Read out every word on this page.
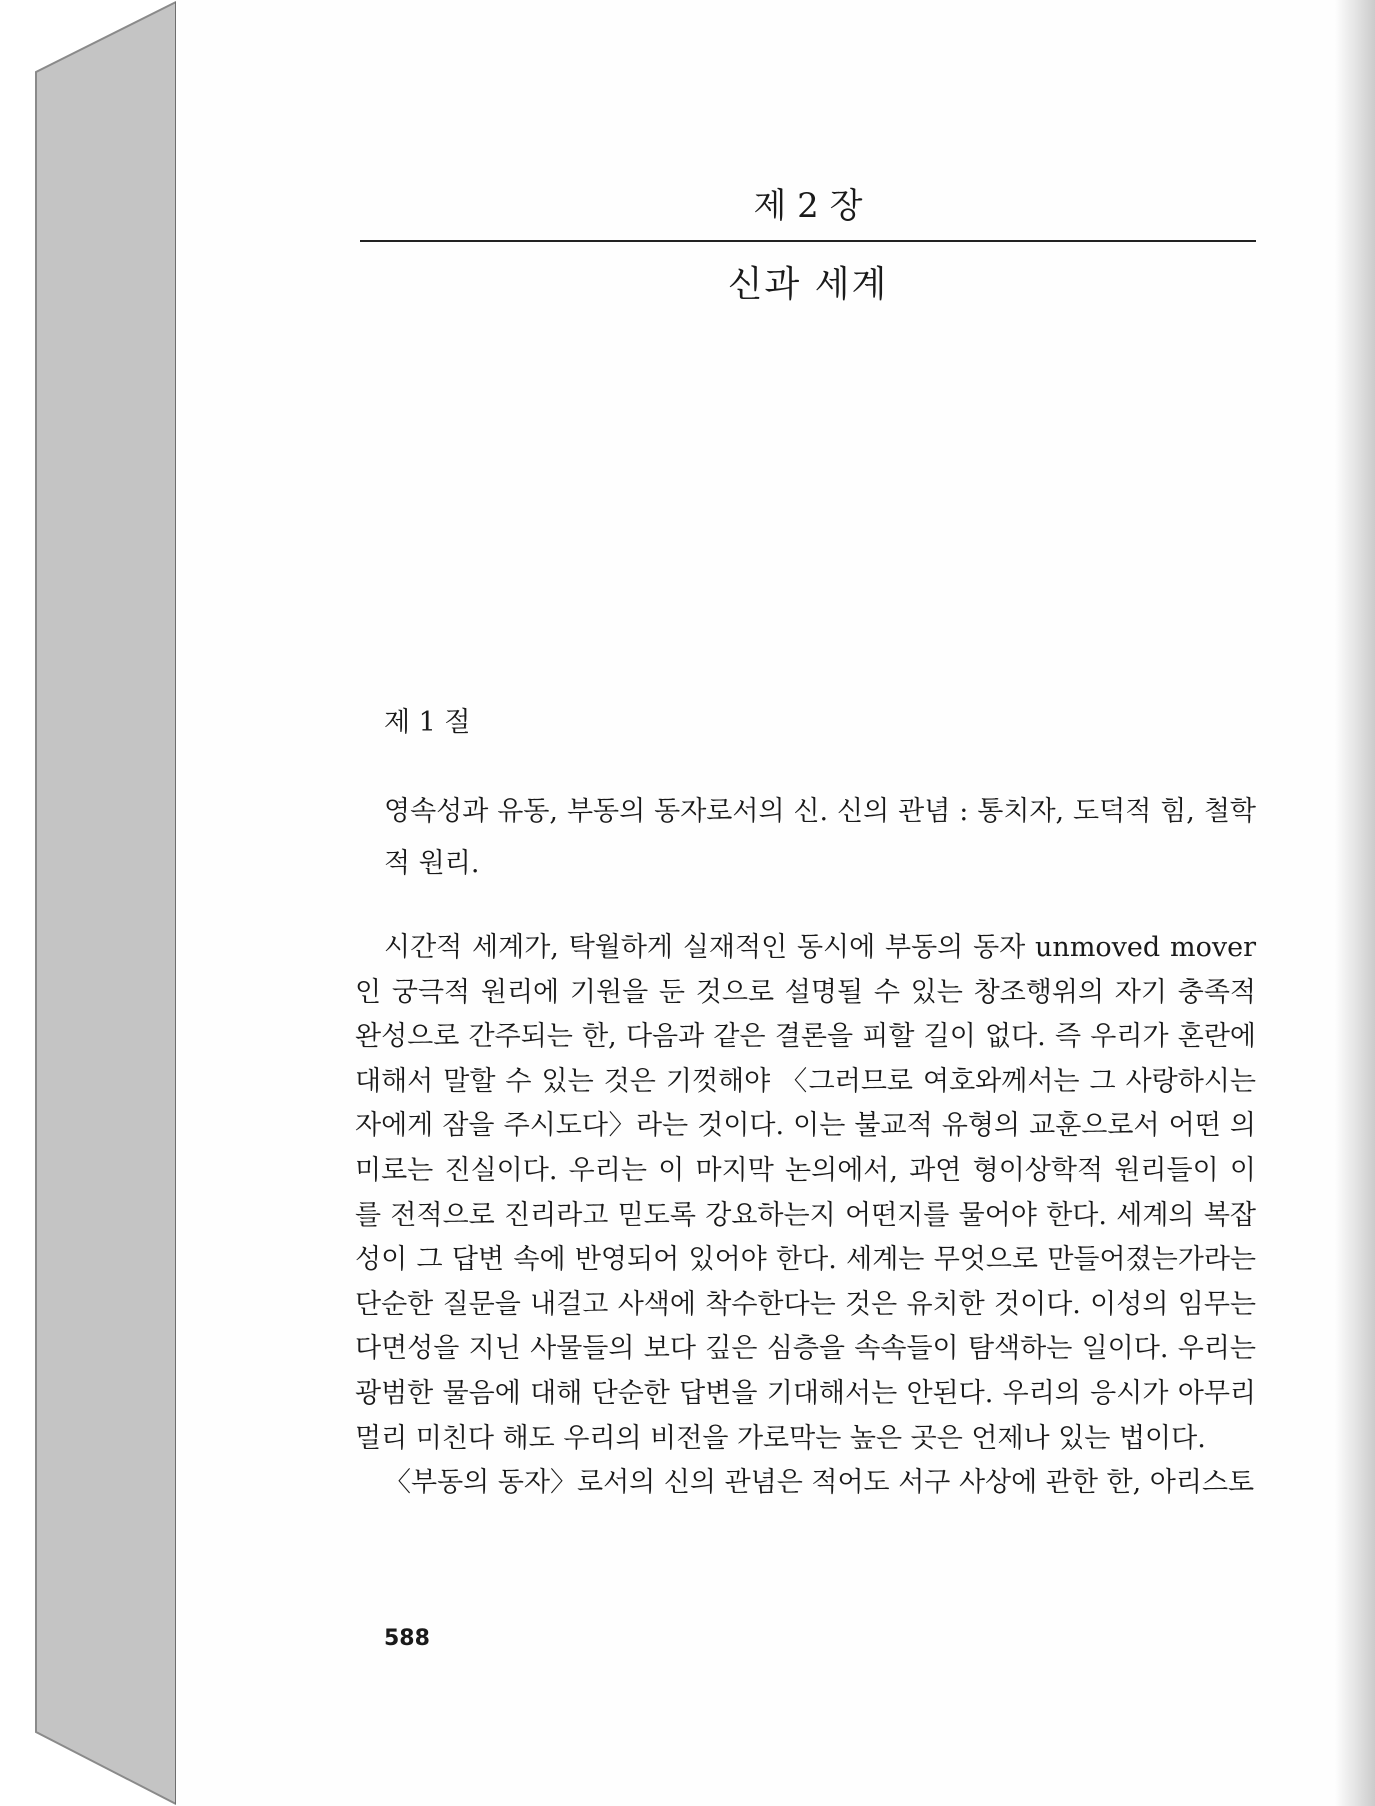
제 2 장
신과 세계
제 1 절
영속성과 유동, 부동의 동자로서의 신. 신의 관념 : 통치자, 도덕적 힘, 철학적 원리.

시간적 세계가, 탁월하게 실재적인 동시에 부동의 동자 unmoved mover인 궁극적 원리에 기원을 둔 것으로 설명될 수 있는 창조행위의 자기 충족적 완성으로 간주되는 한, 다음과 같은 결론을 피할 길이 없다. 즉 우리가 혼란에 대해서 말할 수 있는 것은 기껏해야 〈그러므로 여호와께서는 그 사랑하시는 자에게 잠을 주시도다〉라는 것이다. 이는 불교적 유형의 교훈으로서 어떤 의미로는 진실이다. 우리는 이 마지막 논의에서, 과연 형이상학적 원리들이 이를 전적으로 진리라고 믿도록 강요하는지 어떤지를 물어야 한다. 세계의 복잡성이 그 답변 속에 반영되어 있어야 한다. 세계는 무엇으로 만들어졌는가라는 단순한 질문을 내걸고 사색에 착수한다는 것은 유치한 것이다. 이성의 임무는 다면성을 지닌 사물들의 보다 깊은 심층을 속속들이 탐색하는 일이다. 우리는 광범한 물음에 대해 단순한 답변을 기대해서는 안된다. 우리의 응시가 아무리 멀리 미친다 해도 우리의 비전을 가로막는 높은 곳은 언제나 있는 법이다.

〈부동의 동자〉로서의 신의 관념은 적어도 서구 사상에 관한 한, 아리스토

588
